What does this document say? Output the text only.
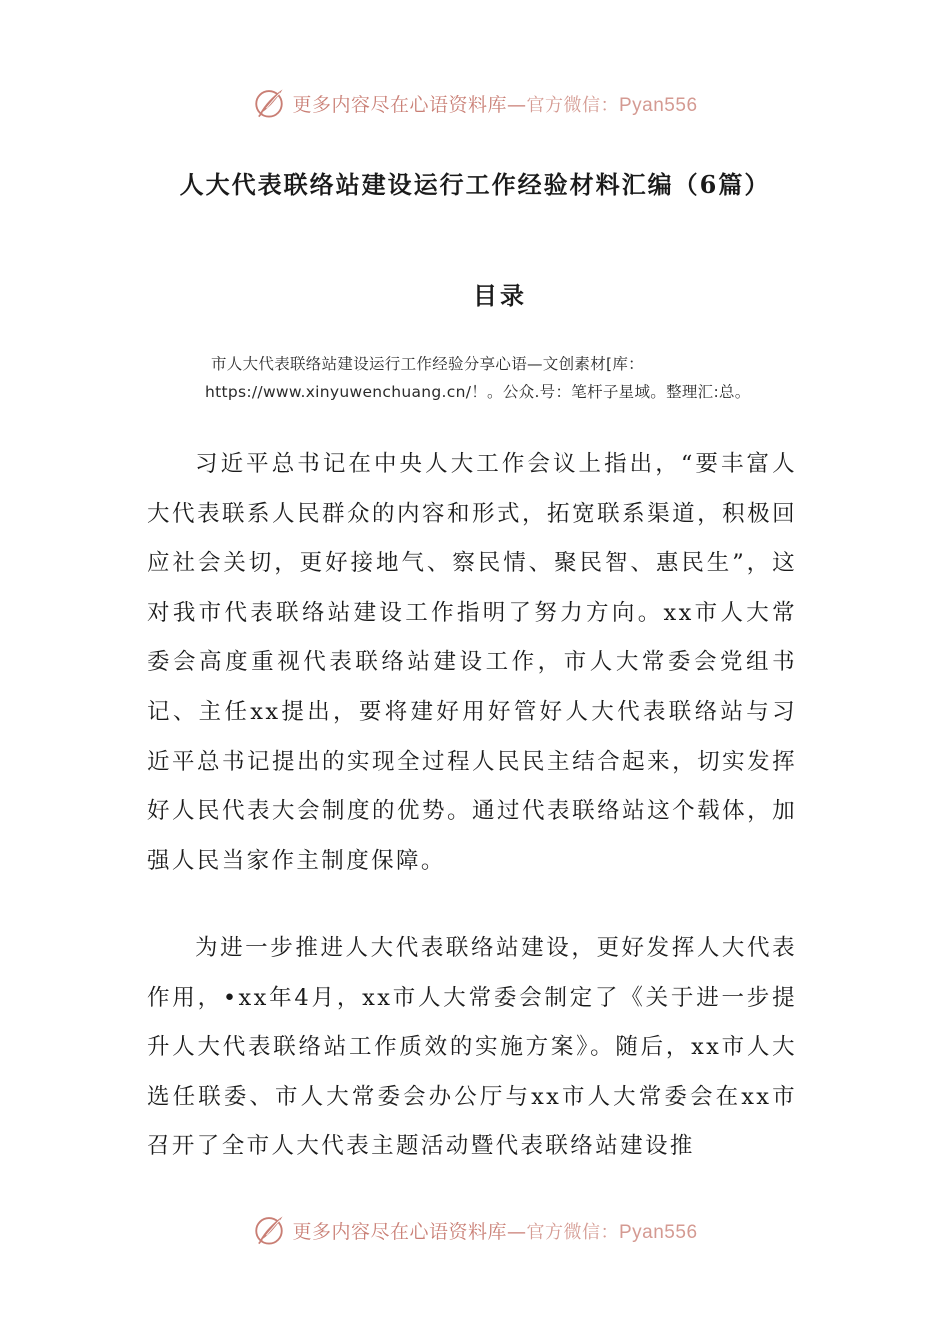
更多内容尽在心语资料库—官方微信：Pyan556
人大代表联络站建设运行工作经验材料汇编（6篇）
目录
市人大代表联络站建设运行工作经验分享心语—文创素材[库：https://www.xinyuwenchuang.cn/！。公众.号：笔杆子星域。整理汇:总。

习近平总书记在中央人大工作会议上指出，“要丰富人大代表联系人民群众的内容和形式，拓宽联系渠道，积极回应社会关切，更好接地气、察民情、聚民智、惠民生”，这对我市代表联络站建设工作指明了努力方向。xx市人大常委会高度重视代表联络站建设工作，市人大常委会党组书记、主任xx提出，要将建好用好管好人大代表联络站与习近平总书记提出的实现全过程人民民主结合起来，切实发挥好人民代表大会制度的优势。通过代表联络站这个载体，加强人民当家作主制度保障。

为进一步推进人大代表联络站建设，更好发挥人大代表作用，•xx年4月，xx市人大常委会制定了《关于进一步提升人大代表联络站工作质效的实施方案》。随后，xx市人大选任联委、市人大常委会办公厅与xx市人大常委会在xx市召开了全市人大代表主题活动暨代表联络站建设推

更多内容尽在心语资料库—官方微信：Pyan556
